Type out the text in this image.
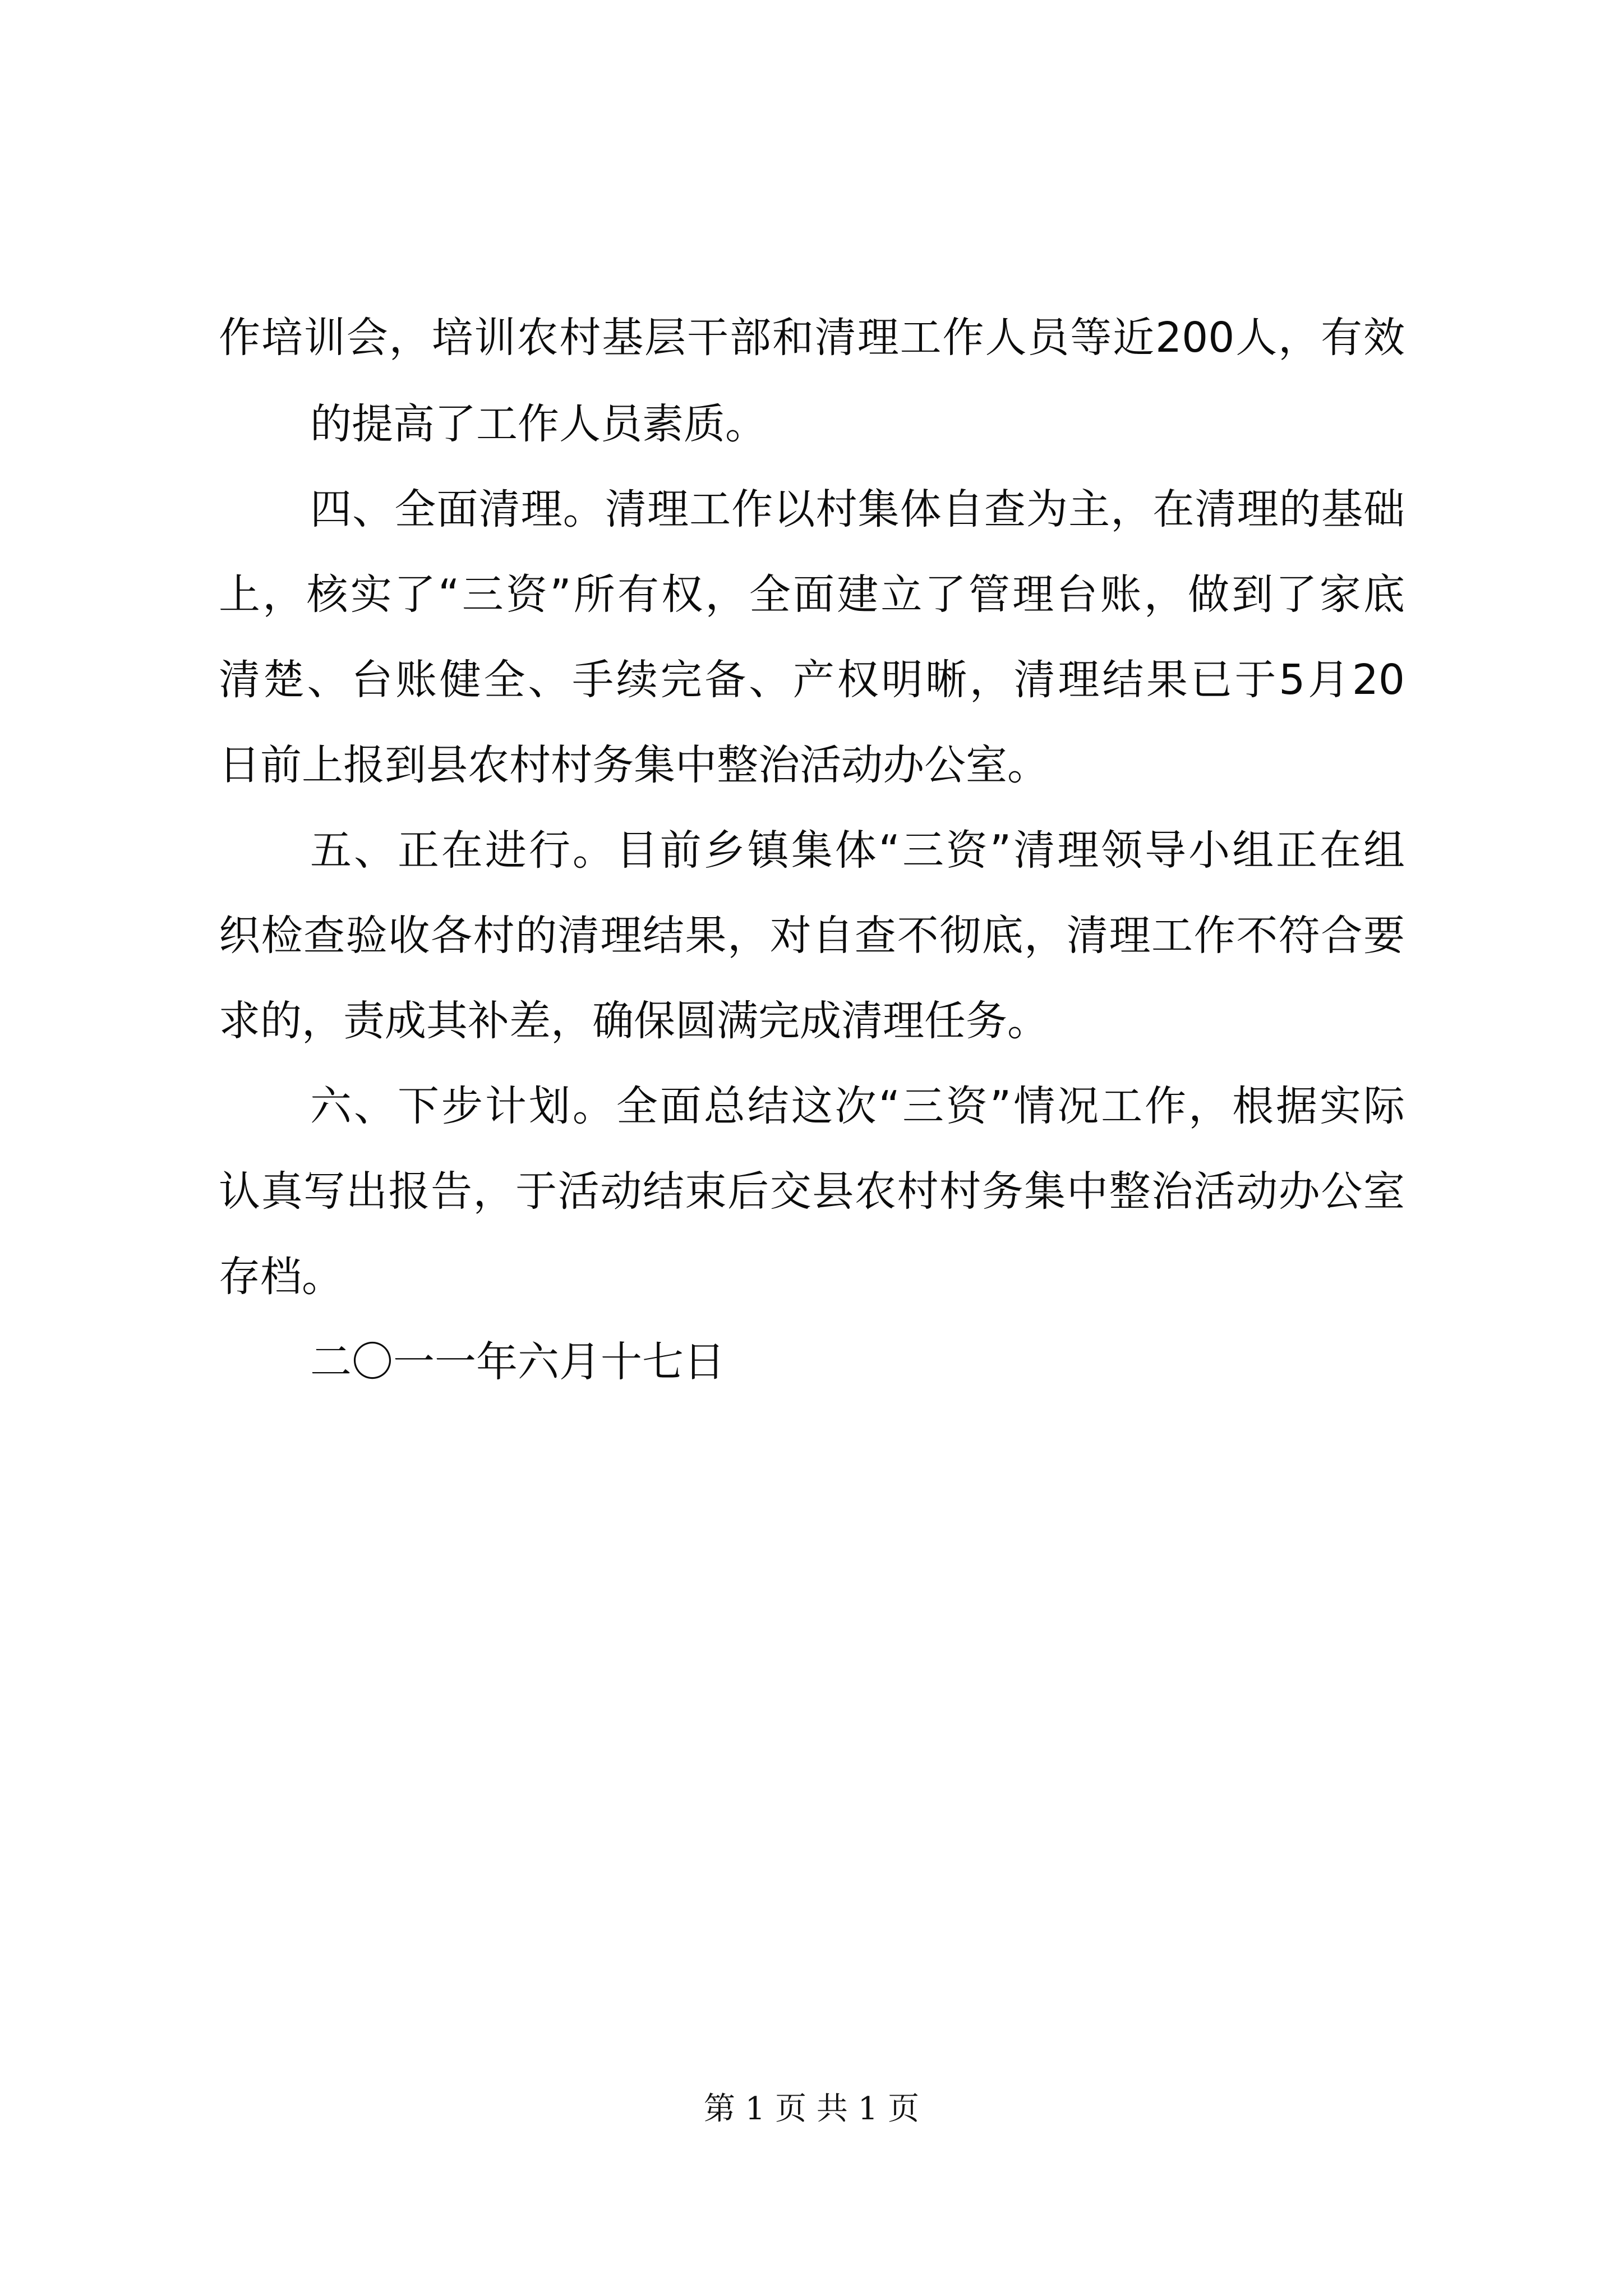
作培训会，培训农村基层干部和清理工作人员等近200人，有效
的提高了工作人员素质。
四、全面清理。清理工作以村集体自查为主，在清理的基础
上，核实了“三资”所有权，全面建立了管理台账，做到了家底
清楚、台账健全、手续完备、产权明晰，清理结果已于5月20
日前上报到县农村村务集中整治活动办公室。
五、正在进行。目前乡镇集体“三资”清理领导小组正在组
织检查验收各村的清理结果，对自查不彻底，清理工作不符合要
求的，责成其补差，确保圆满完成清理任务。
六、下步计划。全面总结这次“三资”情况工作，根据实际
认真写出报告，于活动结束后交县农村村务集中整治活动办公室
存档。
二〇一一年六月十七日
第 1 页 共 1 页
